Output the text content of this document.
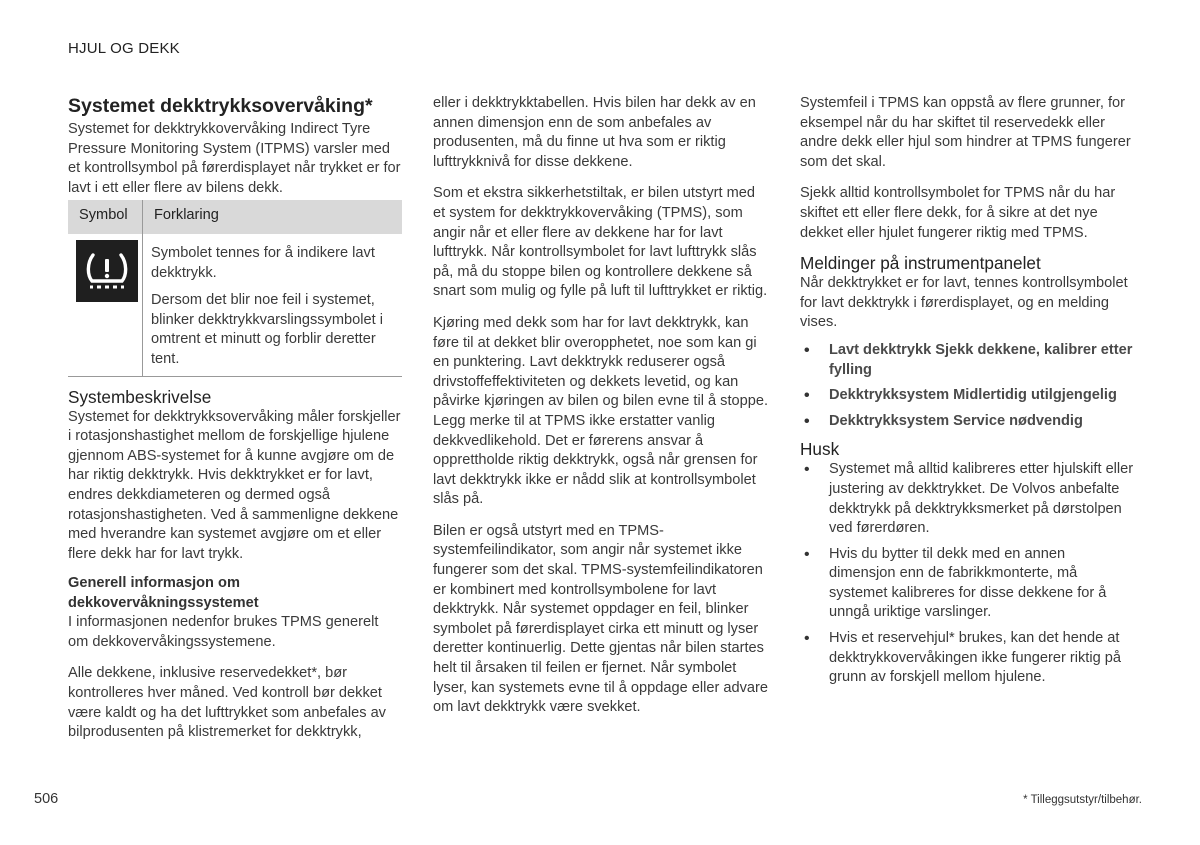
HJUL OG DEKK
Systemet dekktrykksovervåking*

Systemet for dekktrykkovervåking Indirect Tyre Pressure Monitoring System (ITPMS) varsler med et kontrollsymbol på førerdisplayet når trykket er for lavt i ett eller flere av bilens dekk.

Symbol	Forklaring

Symbolet tennes for å indikere lavt dekktrykk.

Dersom det blir noe feil i systemet, blinker dekktrykkvarslingssymbolet i omtrent et minutt og forblir deretter tent.

Systembeskrivelse

Systemet for dekktrykksovervåking måler forskjeller i rotasjonshastighet mellom de forskjellige hjulene gjennom ABS-systemet for å kunne avgjøre om de har riktig dekktrykk. Hvis dekktrykket er for lavt, endres dekkdiameteren og dermed også rotasjonshastigheten. Ved å sammenligne dekkene med hverandre kan systemet avgjøre om et eller flere dekk har for lavt trykk.

Generell informasjon om dekkovervåkningssystemet

I informasjonen nedenfor brukes TPMS generelt om dekkovervåkingssystemene.

Alle dekkene, inklusive reservedekket*, bør kontrolleres hver måned. Ved kontroll bør dekket være kaldt og ha det lufttrykket som anbefales av bilprodusenten på klistremerket for dekktrykk,

eller i dekktrykktabellen. Hvis bilen har dekk av en annen dimensjon enn de som anbefales av produsenten, må du finne ut hva som er riktig lufttrykknivå for disse dekkene.

Som et ekstra sikkerhetstiltak, er bilen utstyrt med et system for dekktrykkovervåking (TPMS), som angir når et eller flere av dekkene har for lavt lufttrykk. Når kontrollsymbolet for lavt lufttrykk slås på, må du stoppe bilen og kontrollere dekkene så snart som mulig og fylle på luft til lufttrykket er riktig.

Kjøring med dekk som har for lavt dekktrykk, kan føre til at dekket blir overopphetet, noe som kan gi en punktering. Lavt dekktrykk reduserer også drivstoffeffektiviteten og dekkets levetid, og kan påvirke kjøringen av bilen og bilen evne til å stoppe. Legg merke til at TPMS ikke erstatter vanlig dekkvedlikehold. Det er førerens ansvar å opprettholde riktig dekktrykk, også når grensen for lavt dekktrykk ikke er nådd slik at kontrollsymbolet slås på.

Bilen er også utstyrt med en TPMS-systemfeilindikator, som angir når systemet ikke fungerer som det skal. TPMS-systemfeilindikatoren er kombinert med kontrollsymbolene for lavt dekktrykk. Når systemet oppdager en feil, blinker symbolet på førerdisplayet cirka ett minutt og lyser deretter kontinuerlig. Dette gjentas når bilen startes helt til årsaken til feilen er fjernet. Når symbolet lyser, kan systemets evne til å oppdage eller advare om lavt dekktrykk være svekket.

Systemfeil i TPMS kan oppstå av flere grunner, for eksempel når du har skiftet til reservedekk eller andre dekk eller hjul som hindrer at TPMS fungerer som det skal.

Sjekk alltid kontrollsymbolet for TPMS når du har skiftet ett eller flere dekk, for å sikre at det nye dekket eller hjulet fungerer riktig med TPMS.

Meldinger på instrumentpanelet

Når dekktrykket er for lavt, tennes kontrollsymbolet for lavt dekktrykk i førerdisplayet, og en melding vises.

• Lavt dekktrykk Sjekk dekkene, kalibrer etter fylling
• Dekktrykksystem Midlertidig utilgjengelig
• Dekktrykksystem Service nødvendig
Husk
• Systemet må alltid kalibreres etter hjulskift eller justering av dekktrykket. De Volvos anbefalte dekktrykk på dekktrykksmerket på dørstolpen ved førerdøren.
• Hvis du bytter til dekk med en annen dimensjon enn de fabrikkmonterte, må systemet kalibreres for disse dekkene for å unngå uriktige varslinger.
• Hvis et reservehjul* brukes, kan det hende at dekktrykkovervåkingen ikke fungerer riktig på grunn av forskjell mellom hjulene.
506	* Tilleggsutstyr/tilbehør.
